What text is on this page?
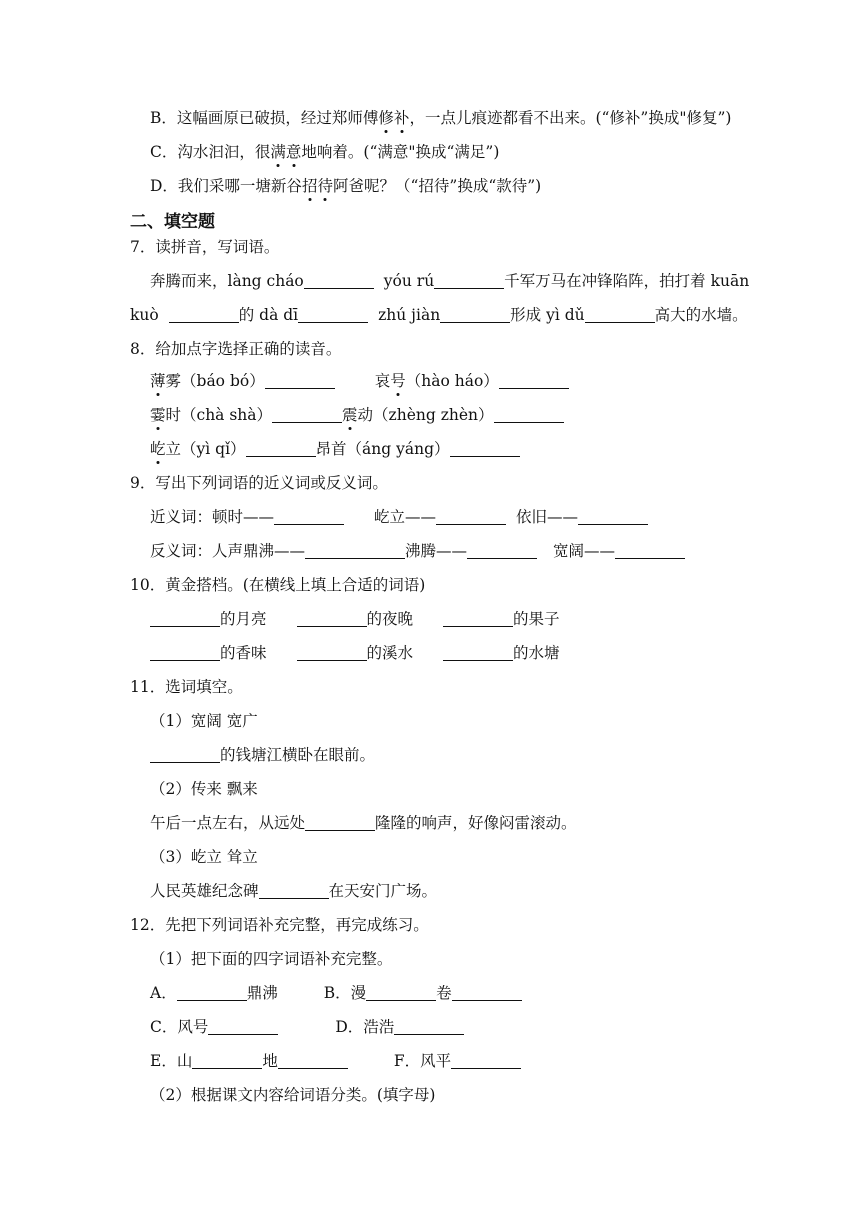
B．这幅画原已破损，经过郑师傅修补，一点儿痕迹都看不出来。(“修补”换成"修复”)
C．沟水汩汩，很满意地响着。(“满意"换成“满足”)
D．我们采哪一塘新谷招待阿爸呢？（“招待”换成“款待”)
二、填空题
7．读拼音，写词语。
奔腾而来，làng cháo	yóu rú	千军万马在冲锋陷阵，拍打着 kuān
kuò	的 dà dī	zhú jiàn	形成 yì dǔ	高大的水墙。
8．给加点字选择正确的读音。
薄雾（báo bó）	哀号（hào háo）
霎时（chà shà）	震动（zhèng zhèn）
屹立（yì qǐ）	昂首（áng yáng）
9．写出下列词语的近义词或反义词。
近义词：顿时——	屹立——	依旧——
反义词：人声鼎沸——	沸腾——	宽阔——
10．黄金搭档。(在横线上填上合适的词语)
的月亮	的夜晚	的果子
的香味	的溪水	的水塘
11．选词填空。
（1）宽阔 宽广
的钱塘江横卧在眼前。
（2）传来 飘来
午后一点左右，从远处	隆隆的响声，好像闷雷滚动。
（3）屹立 耸立
人民英雄纪念碑	在天安门广场。
12．先把下列词语补充完整，再完成练习。
（1）把下面的四字词语补充完整。
A．	鼎沸	B．漫	卷
C．风号	D．浩浩
E．山	地	F．风平
（2）根据课文内容给词语分类。(填字母)
